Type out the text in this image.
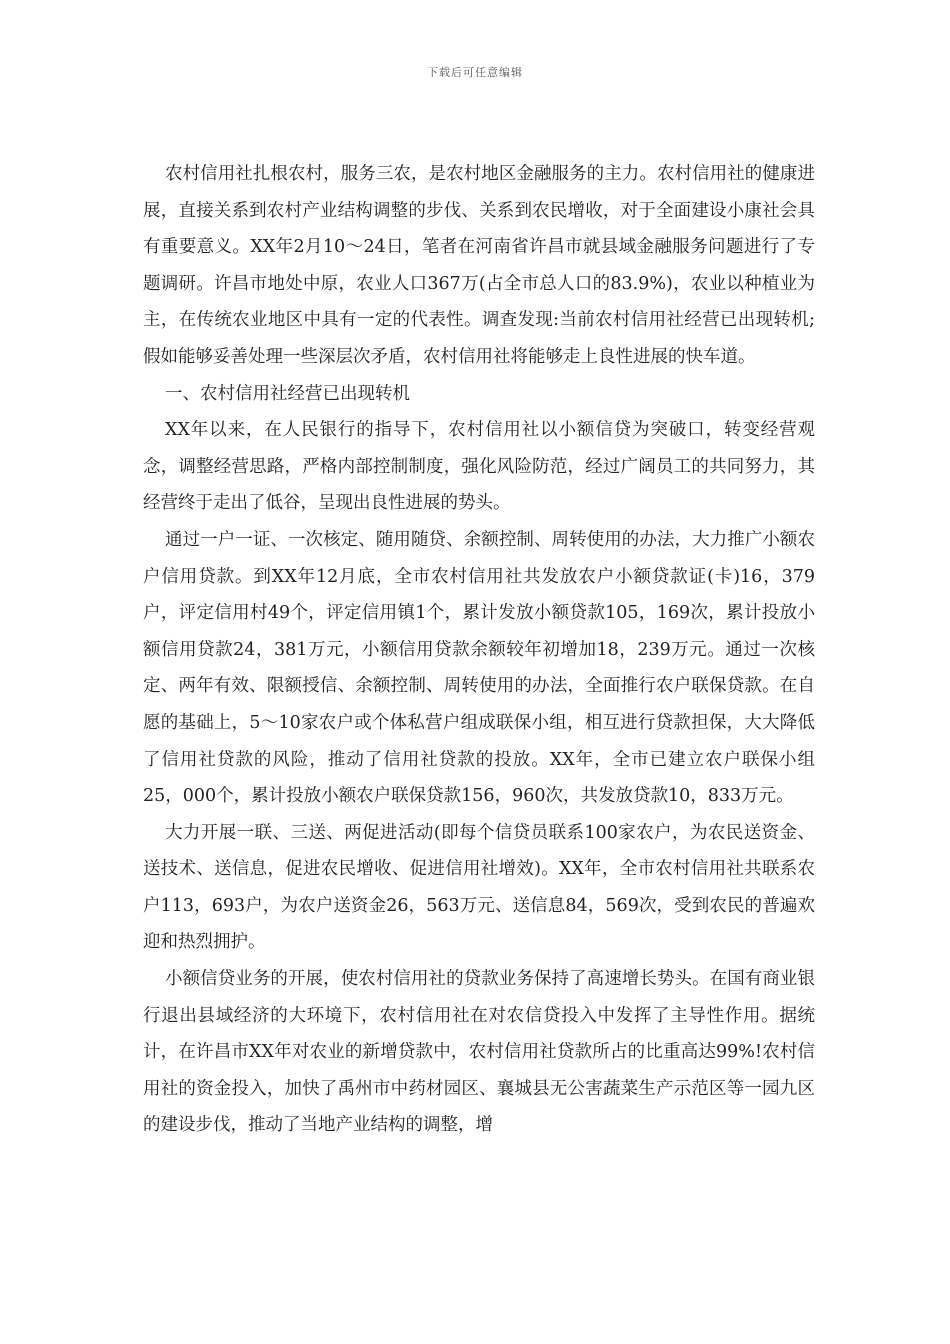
下载后可任意编辑

农村信用社扎根农村，服务三农，是农村地区金融服务的主力。农村信用社的健康进展，直接关系到农村产业结构调整的步伐、关系到农民增收，对于全面建设小康社会具有重要意义。XX年2月10～24日，笔者在河南省许昌市就县域金融服务问题进行了专题调研。许昌市地处中原，农业人口367万(占全市总人口的83.9%)，农业以种植业为主，在传统农业地区中具有一定的代表性。调查发现:当前农村信用社经营已出现转机;假如能够妥善处理一些深层次矛盾，农村信用社将能够走上良性进展的快车道。

一、农村信用社经营已出现转机

XX年以来，在人民银行的指导下，农村信用社以小额信贷为突破口，转变经营观念，调整经营思路，严格内部控制制度，强化风险防范，经过广阔员工的共同努力，其经营终于走出了低谷，呈现出良性进展的势头。

通过一户一证、一次核定、随用随贷、余额控制、周转使用的办法，大力推广小额农户信用贷款。到XX年12月底，全市农村信用社共发放农户小额贷款证(卡)16，379户，评定信用村49个，评定信用镇1个，累计发放小额贷款105，169次，累计投放小额信用贷款24，381万元，小额信用贷款余额较年初增加18，239万元。通过一次核定、两年有效、限额授信、余额控制、周转使用的办法，全面推行农户联保贷款。在自愿的基础上，5～10家农户或个体私营户组成联保小组，相互进行贷款担保，大大降低了信用社贷款的风险，推动了信用社贷款的投放。XX年，全市已建立农户联保小组25，000个，累计投放小额农户联保贷款156，960次，共发放贷款10，833万元。

大力开展一联、三送、两促进活动(即每个信贷员联系100家农户，为农民送资金、送技术、送信息，促进农民增收、促进信用社增效)。XX年，全市农村信用社共联系农户113，693户，为农户送资金26，563万元、送信息84，569次，受到农民的普遍欢迎和热烈拥护。

小额信贷业务的开展，使农村信用社的贷款业务保持了高速增长势头。在国有商业银行退出县域经济的大环境下，农村信用社在对农信贷投入中发挥了主导性作用。据统计，在许昌市XX年对农业的新增贷款中，农村信用社贷款所占的比重高达99%!农村信用社的资金投入，加快了禹州市中药材园区、襄城县无公害蔬菜生产示范区等一园九区的建设步伐，推动了当地产业结构的调整，增
